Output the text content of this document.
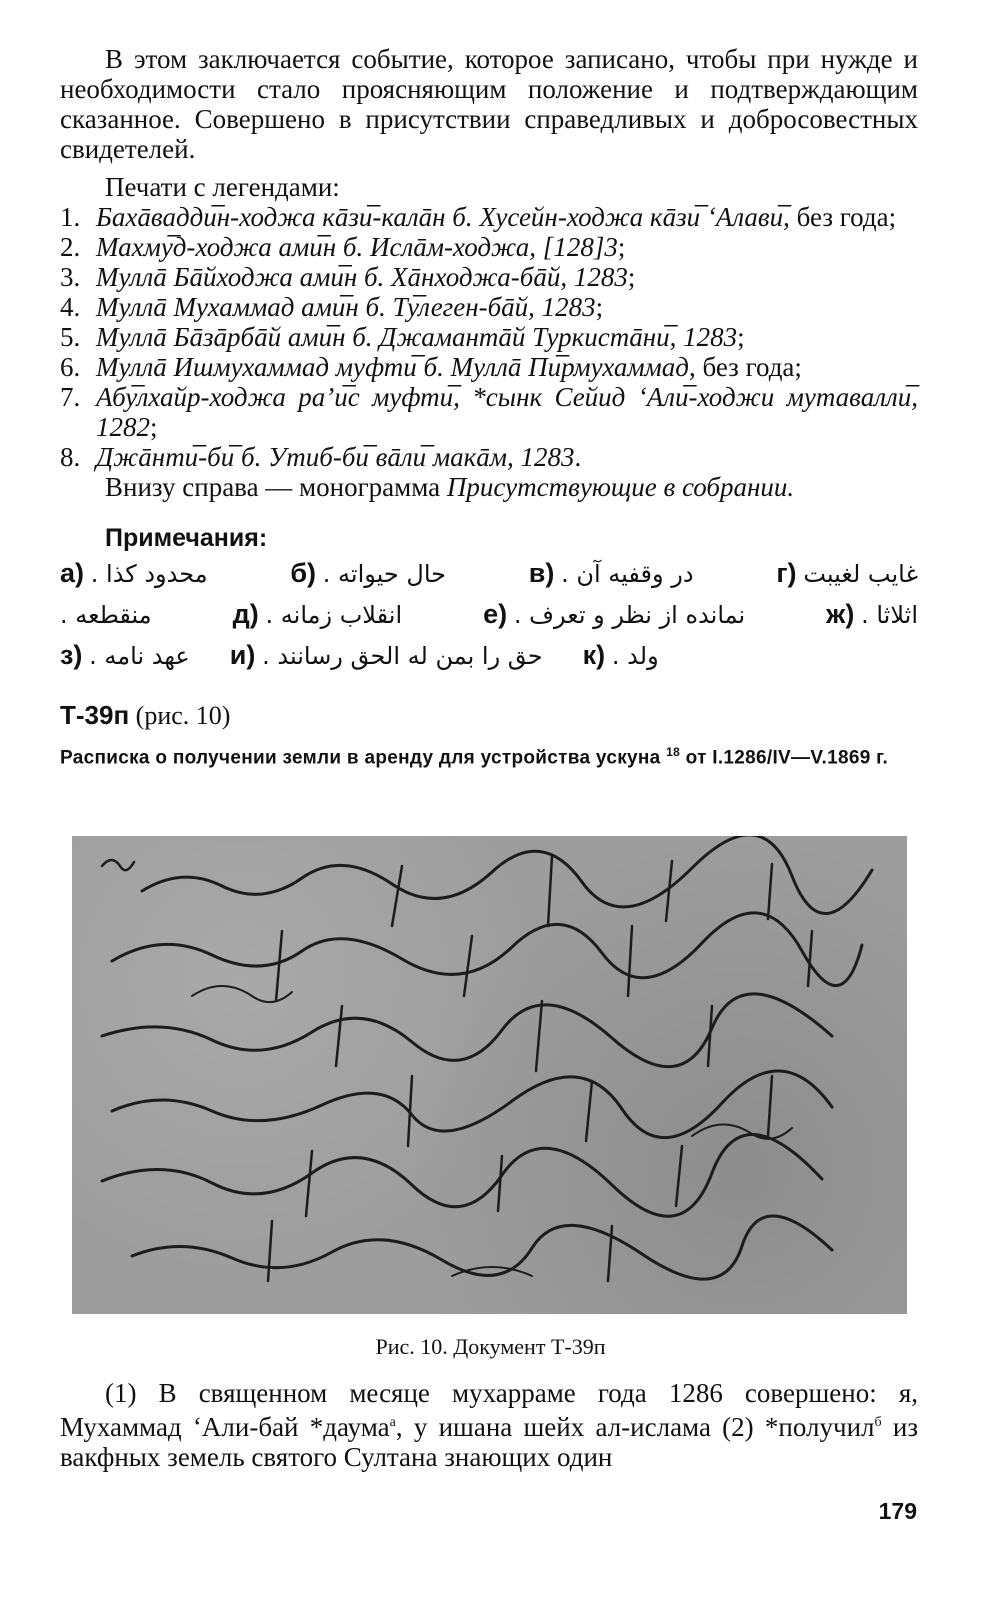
В этом заключается событие, которое записано, чтобы при нужде и необходимости стало проясняющим положение и подтверждающим сказанное. Совершено в присутствии справедливых и добросовестных свидетелей.

Печати с легендами:
1. Бахāвадди̅н-ходжа кāзи̅-калāн б. Хусейн-ходжа кāзи̅ ‘Алави̅, без года;
2. Махму̅д-ходжа ами̅н б. Ислāм-ходжа, [128]3;
3. Муллā Бāйходжа ами̅н б. Хāнходжа-бāй, 1283;
4. Муллā Мухаммад ами̅н б. Ту̅леген-бāй, 1283;
5. Муллā Бāзāрбāй ами̅н б. Джамантāй Туркистāни̅, 1283;
6. Муллā Ишмухаммад муфти̅ б. Муллā Пи̅рмухаммад, без года;
7. Абу̅лхайр-ходжа ра’и̅с муфти̅, *сынк Сейид ‘Али̅-ходжи мутавалли̅, 1282;
8. Джāнти̅-би̅ б. Утиб-би̅ вāли̅ макāм, 1283.

Внизу справа — монограмма Присутствующие в собрании.

Примечания:
а) محدود کذا .	б) حال حیواته .	в) در وقفیه آن .	г) غایب لغیبت
منقطعه .	д) انقلاب زمانه .	е) نمانده از نظر و تعرف .	ж) اثلاثا .
з) عهد نامه . и) حق را بمن له الحق رسانند . к) ولد .
Т-39п (рис. 10)
Расписка о получении земли в аренду для устройства ускуна $^{18}$ от I.1286/IV—V.1869 г.
Рис. 10. Документ Т-39п

(1) В священном месяце мухарраме года 1286 совершено: я, Мухаммад ‘Али-бай *даума$^а$, у ишана шейх ал-ислама (2) *получил$^б$ из вакфных земель святого Султана знающих один

179
